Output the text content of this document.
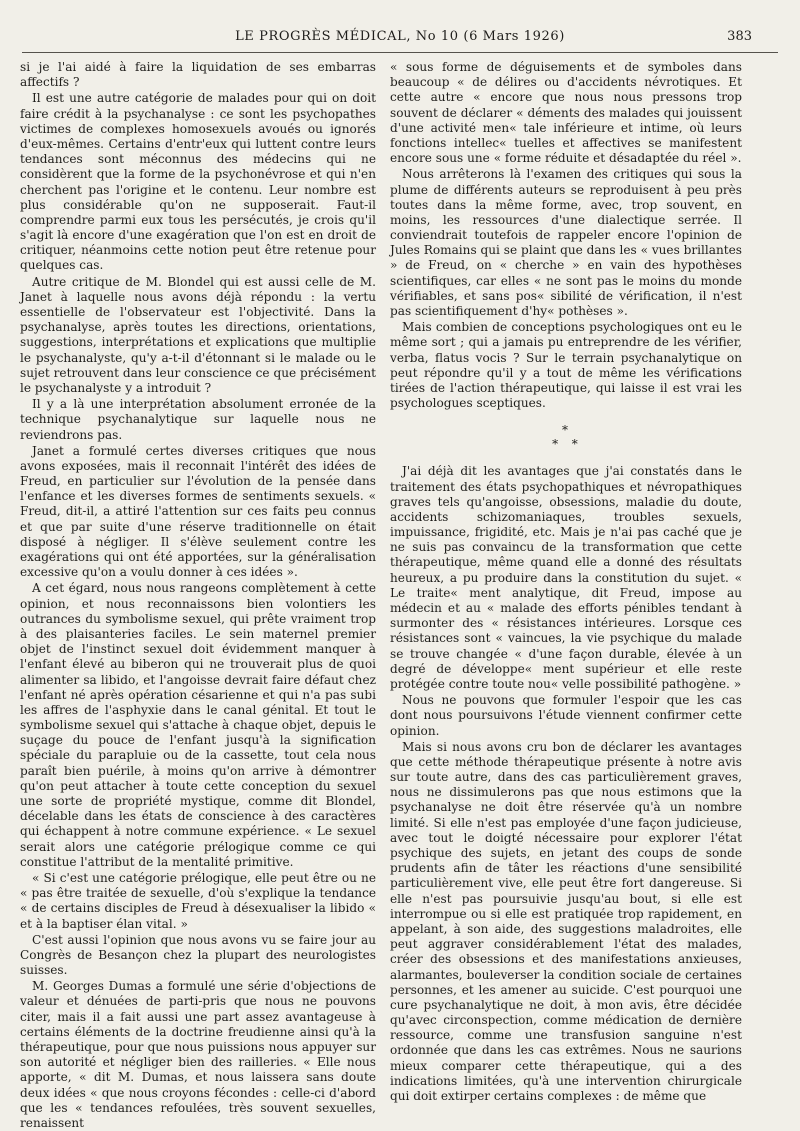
LE PROGRÈS MÉDICAL, No 10 (6 Mars 1926)	383

si je l'ai aidé à faire la liquidation de ses embarras affectifs ?

Il est une autre catégorie de malades pour qui on doit faire crédit à la psychanalyse : ce sont les psychopathes victimes de complexes homosexuels avoués ou ignorés d'eux-mêmes. Certains d'entr'eux qui luttent contre leurs tendances sont méconnus des médecins qui ne considèrent que la forme de la psychonévrose et qui n'en cherchent pas l'origine et le contenu. Leur nombre est plus considérable qu'on ne supposerait. Faut-il comprendre parmi eux tous les persécutés, je crois qu'il s'agit là encore d'une exagération que l'on est en droit de critiquer, néanmoins cette notion peut être retenue pour quelques cas.

Autre critique de M. Blondel qui est aussi celle de M. Janet à laquelle nous avons déjà répondu : la vertu essentielle de l'observateur est l'objectivité. Dans la psychanalyse, après toutes les directions, orientations, suggestions, interprétations et explications que multiplie le psychanalyste, qu'y a-t-il d'étonnant si le malade ou le sujet retrouvent dans leur conscience ce que précisément le psychanalyste y a introduit ?

Il y a là une interprétation absolument erronée de la technique psychanalytique sur laquelle nous ne reviendrons pas.

Janet a formulé certes diverses critiques que nous avons exposées, mais il reconnait l'intérêt des idées de Freud, en particulier sur l'évolution de la pensée dans l'enfance et les diverses formes de sentiments sexuels. « Freud, dit-il, a attiré l'attention sur ces faits peu connus et que par suite d'une réserve traditionnelle on était disposé à négliger. Il s'élève seulement contre les exagérations qui ont été apportées, sur la généralisation excessive qu'on a voulu donner à ces idées ».

A cet égard, nous nous rangeons complètement à cette opinion, et nous reconnaissons bien volontiers les outrances du symbolisme sexuel, qui prête vraiment trop à des plaisanteries faciles. Le sein maternel premier objet de l'instinct sexuel doit évidemment manquer à l'enfant élevé au biberon qui ne trouverait plus de quoi alimenter sa libido, et l'angoisse devrait faire défaut chez l'enfant né après opération césarienne et qui n'a pas subi les affres de l'asphyxie dans le canal génital. Et tout le symbolisme sexuel qui s'attache à chaque objet, depuis le suçage du pouce de l'enfant jusqu'à la signification spéciale du parapluie ou de la cassette, tout cela nous paraît bien puérile, à moins qu'on arrive à démontrer qu'on peut attacher à toute cette conception du sexuel une sorte de propriété mystique, comme dit Blondel, décelable dans les états de conscience à des caractères qui échappent à notre commune expérience. « Le sexuel serait alors une catégorie prélogique comme ce qui constitue l'attribut de la mentalité primitive.

« Si c'est une catégorie prélogique, elle peut être ou ne « pas être traitée de sexuelle, d'où s'explique la tendance « de certains disciples de Freud à désexualiser la libido « et à la baptiser élan vital. »

C'est aussi l'opinion que nous avons vu se faire jour au Congrès de Besançon chez la plupart des neurologistes suisses.

M. Georges Dumas a formulé une série d'objections de valeur et dénuées de parti-pris que nous ne pouvons citer, mais il a fait aussi une part assez avantageuse à certains éléments de la doctrine freudienne ainsi qu'à la thérapeutique, pour que nous puissions nous appuyer sur son autorité et négliger bien des railleries. « Elle nous apporte, « dit M. Dumas, et nous laissera sans doute deux idées « que nous croyons fécondes : celle-ci d'abord que les « tendances refoulées, très souvent sexuelles, renaissent

« sous forme de déguisements et de symboles dans beaucoup « de délires ou d'accidents névrotiques. Et cette autre « encore que nous nous pressons trop souvent de déclarer « déments des malades qui jouissent d'une activité men« tale inférieure et intime, où leurs fonctions intellec« tuelles et affectives se manifestent encore sous une « forme réduite et désadaptée du réel ».

Nous arrêterons là l'examen des critiques qui sous la plume de différents auteurs se reproduisent à peu près toutes dans la même forme, avec, trop souvent, en moins, les ressources d'une dialectique serrée. Il conviendrait toutefois de rappeler encore l'opinion de Jules Romains qui se plaint que dans les « vues brillantes » de Freud, on « cherche » en vain des hypothèses scientifiques, car elles « ne sont pas le moins du monde vérifiables, et sans pos« sibilité de vérification, il n'est pas scientifiquement d'hy« pothèses ».

Mais combien de conceptions psychologiques ont eu le même sort ; qui a jamais pu entreprendre de les vérifier, verba, flatus vocis ? Sur le terrain psychanalytique on peut répondre qu'il y a tout de même les vérifications tirées de l'action thérapeutique, qui laisse il est vrai les psychologues sceptiques.

*
*  *

J'ai déjà dit les avantages que j'ai constatés dans le traitement des états psychopathiques et névropathiques graves tels qu'angoisse, obsessions, maladie du doute, accidents schizomaniaques, troubles sexuels, impuissance, frigidité, etc. Mais je n'ai pas caché que je ne suis pas convaincu de la transformation que cette thérapeutique, même quand elle a donné des résultats heureux, a pu produire dans la constitution du sujet. « Le traite« ment analytique, dit Freud, impose au médecin et au « malade des efforts pénibles tendant à surmonter des « résistances intérieures. Lorsque ces résistances sont « vaincues, la vie psychique du malade se trouve changée « d'une façon durable, élevée à un degré de développe« ment supérieur et elle reste protégée contre toute nou« velle possibilité pathogène. »

Nous ne pouvons que formuler l'espoir que les cas dont nous poursuivons l'étude viennent confirmer cette opinion.

Mais si nous avons cru bon de déclarer les avantages que cette méthode thérapeutique présente à notre avis sur toute autre, dans des cas particulièrement graves, nous ne dissimulerons pas que nous estimons que la psychanalyse ne doit être réservée qu'à un nombre limité. Si elle n'est pas employée d'une façon judicieuse, avec tout le doigté nécessaire pour explorer l'état psychique des sujets, en jetant des coups de sonde prudents afin de tâter les réactions d'une sensibilité particulièrement vive, elle peut être fort dangereuse. Si elle n'est pas poursuivie jusqu'au bout, si elle est interrompue ou si elle est pratiquée trop rapidement, en appelant, à son aide, des suggestions maladroites, elle peut aggraver considérablement l'état des malades, créer des obsessions et des manifestations anxieuses, alarmantes, bouleverser la condition sociale de certaines personnes, et les amener au suicide. C'est pourquoi une cure psychanalytique ne doit, à mon avis, être décidée qu'avec circonspection, comme médication de dernière ressource, comme une transfusion sanguine n'est ordonnée que dans les cas extrêmes. Nous ne saurions mieux comparer cette thérapeutique, qui a des indications limitées, qu'à une intervention chirurgicale qui doit extirper certains complexes : de même que
